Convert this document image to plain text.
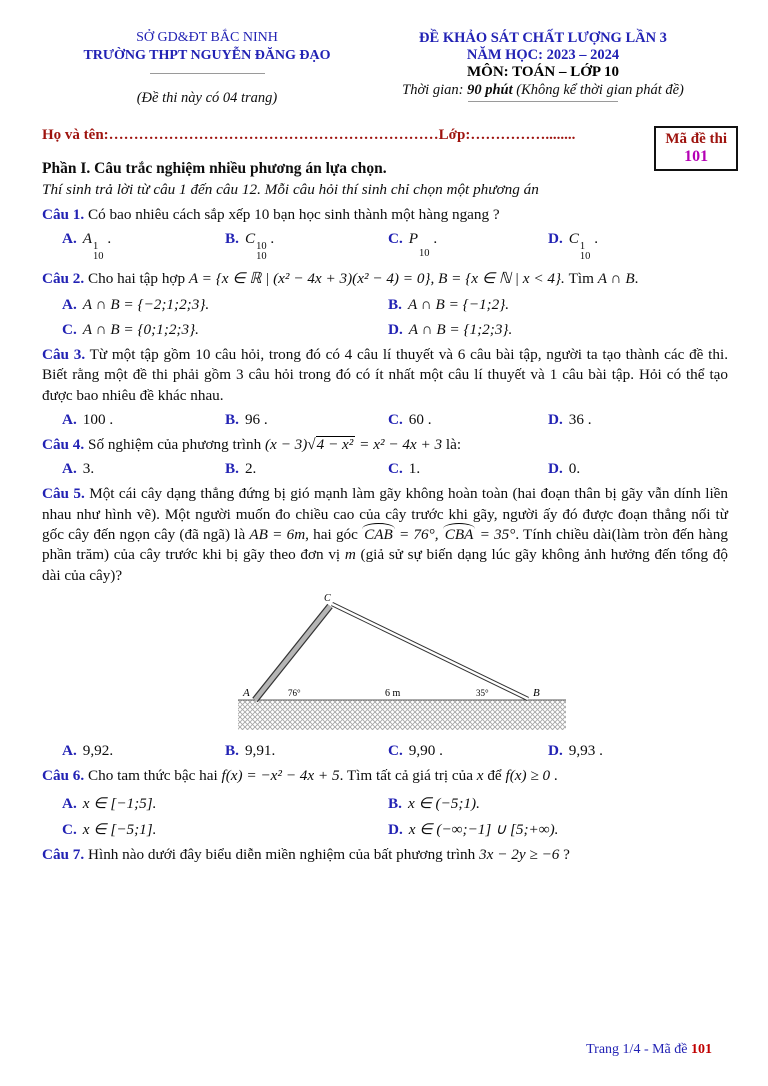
SỞ GD&ĐT BẮC NINH
TRƯỜNG THPT NGUYỄN ĐĂNG ĐẠO
(Đề thi này có 04 trang)
ĐỀ KHẢO SÁT CHẤT LƯỢNG LẦN 3
NĂM HỌC: 2023 – 2024
MÔN: TOÁN – LỚP 10
Thời gian: 90 phút (Không kể thời gian phát đề)
Họ và tên:…………………………………………………………Lớp:……………........	Mã đề thi
101
Phần I. Câu trắc nghiệm nhiều phương án lựa chọn.
Thí sinh trả lời từ câu 1 đến câu 12. Mỗi câu hỏi thí sinh chỉ chọn một phương án
Câu 1. Có bao nhiêu cách sắp xếp 10 bạn học sinh thành một hàng ngang ?
A. A 1
10
.	B. C 10
10
.	C. P
10
.	D. C 1
10
.
Câu 2. Cho hai tập hợp A = {x ∈ ℝ | (x² − 4x + 3)(x² − 4) = 0}, B = {x ∈ ℕ | x < 4}. Tìm A ∩ B.
A. A ∩ B = {−2;1;2;3}.	B. A ∩ B = {−1;2}.
C. A ∩ B = {0;1;2;3}.	D. A ∩ B = {1;2;3}.
Câu 3. Từ một tập gồm 10 câu hỏi, trong đó có 4 câu lí thuyết và 6 câu bài tập, người ta tạo thành các đề thi. Biết rằng một đề thi phải gồm 3 câu hỏi trong đó có ít nhất một câu lí thuyết và 1 câu bài tập. Hỏi có thể tạo được bao nhiêu đề khác nhau.
A. 100 .	B. 96 .	C. 60 .	D. 36 .
Câu 4. Số nghiệm của phương trình (x − 3)√4 − x² = x² − 4x + 3 là:
A. 3.	B. 2.	C. 1.	D. 0.
Câu 5. Một cái cây dạng thẳng đứng bị gió mạnh làm gãy không hoàn toàn (hai đoạn thân bị gãy vẫn dính liền nhau như hình vẽ). Một người muốn đo chiều cao của cây trước khi gãy, người ấy đó được đoạn thẳng nối từ gốc cây đến ngọn cây (đã ngã) là AB = 6m, hai góc CAB = 76°, CBA = 35°. Tính chiều dài(làm tròn đến hàng phần trăm) của cây trước khi bị gãy theo đơn vị m (giả sử sự biến dạng lúc gãy không ảnh hưởng đến tổng độ dài của cây)?
A	B
C
76°	35°
6 m
A. 9,92.	B. 9,91.	C. 9,90 .	D. 9,93 .
Câu 6. Cho tam thức bậc hai f(x) = −x² − 4x + 5. Tìm tất cả giá trị của x để f(x) ≥ 0 .
A. x ∈ [−1;5].	B. x ∈ (−5;1).
C. x ∈ [−5;1].	D. x ∈ (−∞;−1] ∪ [5;+∞).
Câu 7. Hình nào dưới đây biểu diễn miền nghiệm của bất phương trình 3x − 2y ≥ −6 ?
Trang 1/4 - Mã đề 101
